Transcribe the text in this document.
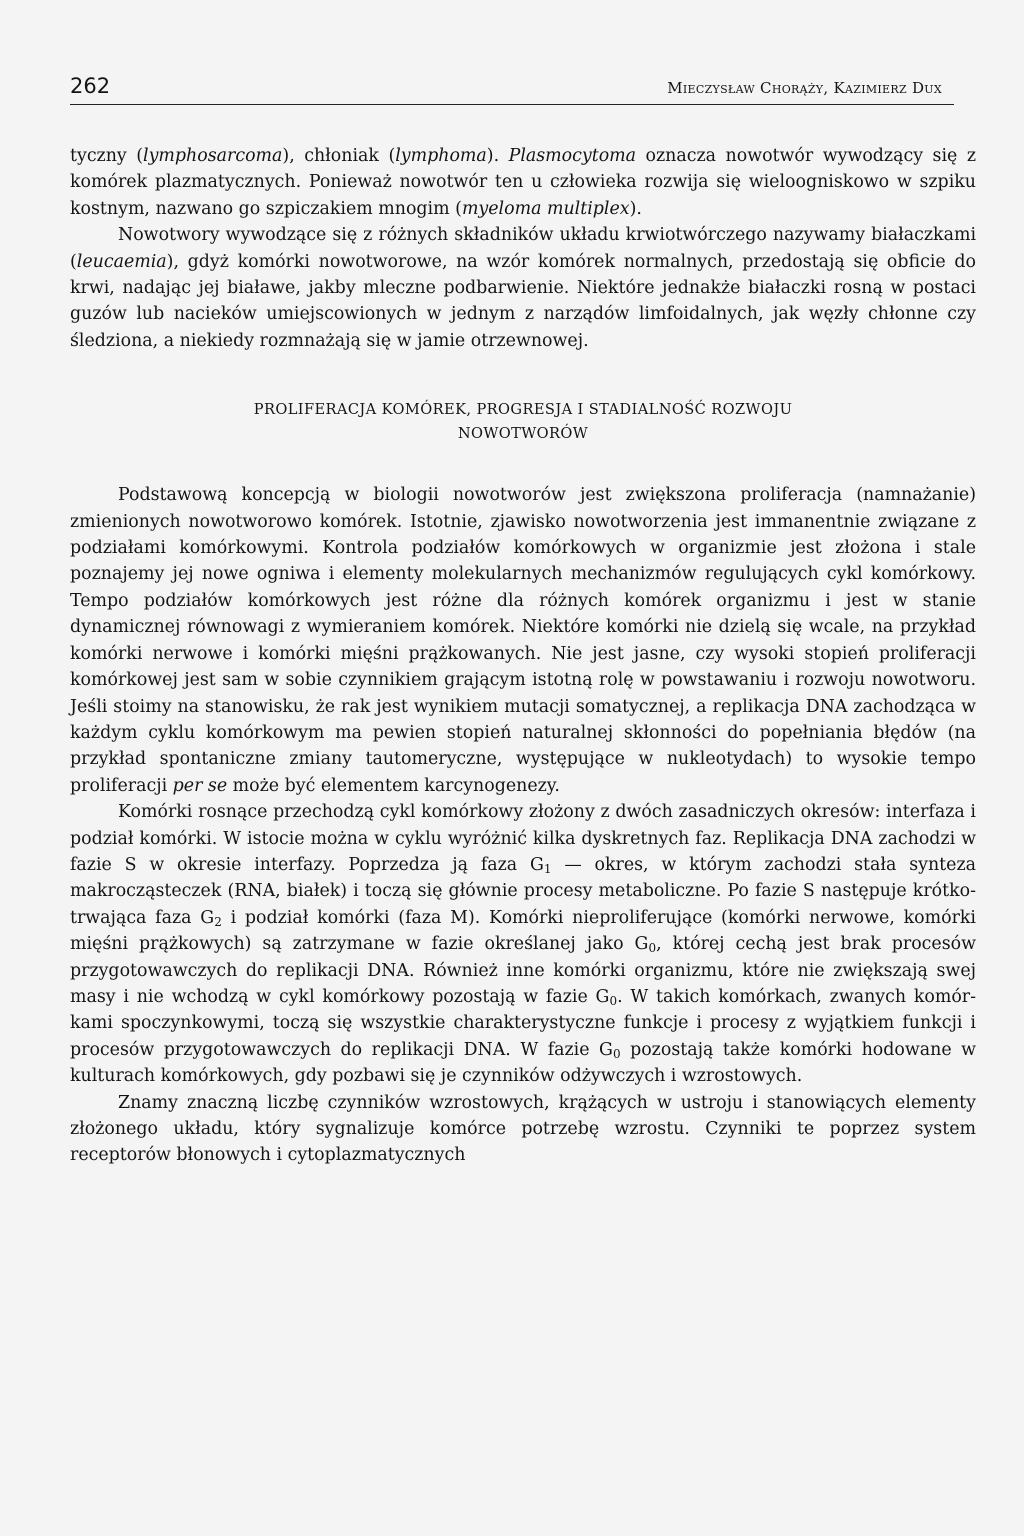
262	Mieczysław Chorąży, Kazimierz Dux

tyczny (lymphosarcoma), chłoniak (lymphoma). Plasmocytoma oznacza nowotwór wywodzący się z komórek plazmatycznych. Ponieważ nowotwór ten u człowieka rozwija się wieloogniskowo w szpiku kostnym, nazwano go szpiczakiem mnogim (myeloma multiplex).

Nowotwory wywodzące się z różnych składników układu krwiotwórczego nazywamy białaczkami (leucaemia), gdyż komórki nowotworowe, na wzór komórek normalnych, przedostają się obficie do krwi, nadając jej białawe, jakby mleczne podbarwienie. Niektóre jednakże białaczki rosną w postaci guzów lub nacieków umiejscowionych w jednym z narządów limfoidalnych, jak węzły chłonne czy śledziona, a niekiedy rozmnażają się w jamie otrzewnowej.

PROLIFERACJA KOMÓREK, PROGRESJA I STADIALNOŚĆ ROZWOJU
NOWOTWORÓW

Podstawową koncepcją w biologii nowotworów jest zwiększona proliferacja (namnażanie) zmienionych nowotworowo komórek. Istotnie, zjawisko nowotworzenia jest immanentnie związane z podziałami komórkowymi. Kontrola podziałów komórkowych w organizmie jest złożona i stale poznajemy jej nowe ogniwa i elementy molekularnych mechanizmów regulujących cykl komórkowy. Tempo podziałów komórkowych jest różne dla różnych komórek organizmu i jest w stanie dynamicznej równowagi z wymieraniem komórek. Niektóre komórki nie dzielą się wcale, na przykład komórki nerwowe i komórki mięśni prążkowanych. Nie jest jasne, czy wysoki stopień proliferacji komórkowej jest sam w sobie czynnikiem grającym istotną rolę w powstawaniu i rozwoju nowotworu. Jeśli stoimy na stanowisku, że rak jest wynikiem mutacji somatycznej, a replikacja DNA zachodząca w każdym cyklu komórkowym ma pewien stopień naturalnej skłonności do popełniania błędów (na przykład spontaniczne zmiany tautomeryczne, występujące w nukleotydach) to wysokie tempo proliferacji per se może być elementem karcynogenezy.

Komórki rosnące przechodzą cykl komórkowy złożony z dwóch zasadniczych okresów: interfaza i podział komórki. W istocie można w cyklu wyróżnić kilka dyskretnych faz. Replikacja DNA zachodzi w fazie S w okresie interfazy. Poprzedza ją faza $G_1$ — okres, w którym zachodzi stała synteza makrocząsteczek (RNA, białek) i toczą się głównie procesy metaboliczne. Po fazie S następuje krótkotrwająca faza $G_2$ i podział komórki (faza M). Komórki nieproliferujące (komórki nerwowe, komórki mięśni prążkowych) są zatrzymane w fazie określanej jako $G_0$, której cechą jest brak procesów przygotowawczych do replikacji DNA. Również inne komórki organizmu, które nie zwiększają swej masy i nie wchodzą w cykl komórkowy pozostają w fazie $G_0$. W takich komórkach, zwanych komórkami spoczynkowymi, toczą się wszystkie charakterystyczne funkcje i procesy z wyjątkiem funkcji i procesów przygotowawczych do replikacji DNA. W fazie $G_0$ pozostają także komórki hodowane w kulturach komórkowych, gdy pozbawi się je czynników odżywczych i wzrostowych.

Znamy znaczną liczbę czynników wzrostowych, krążących w ustroju i stanowiących elementy złożonego układu, który sygnalizuje komórce potrzebę wzrostu. Czynniki te poprzez system receptorów błonowych i cytoplazmatycznych
